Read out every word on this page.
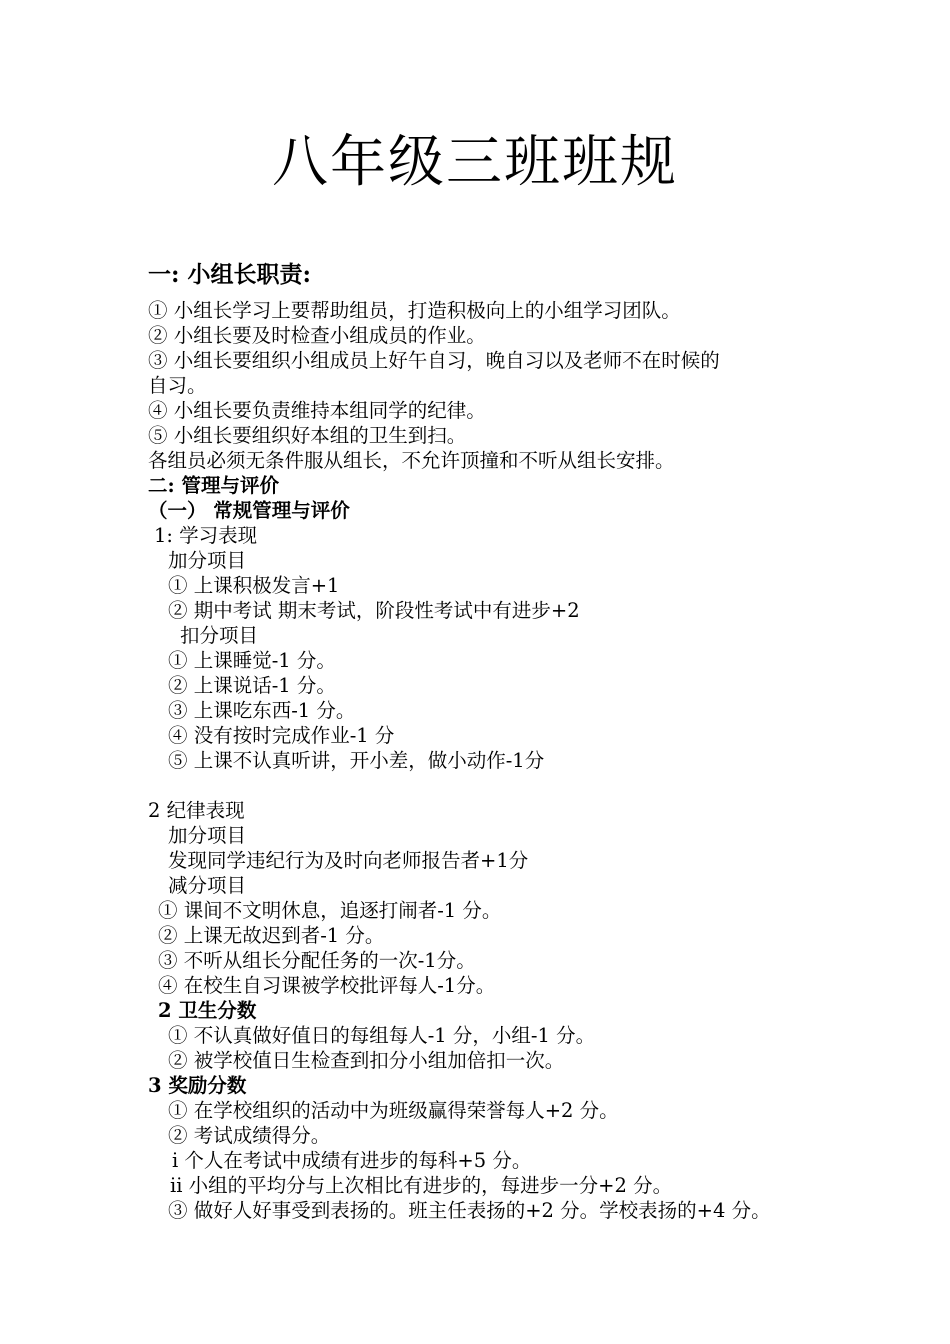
八年级三班班规
一: 小组长职责:
① 小组长学习上要帮助组员，打造积极向上的小组学习团队。
② 小组长要及时检查小组成员的作业。
③ 小组长要组织小组成员上好午自习，晚自习以及老师不在时候的
自习。
④ 小组长要负责维持本组同学的纪律。
⑤ 小组长要组织好本组的卫生到扫。
各组员必须无条件服从组长，不允许顶撞和不听从组长安排。
二: 管理与评价
（一） 常规管理与评价
1: 学习表现
加分项目
① 上课积极发言+1
② 期中考试 期末考试，阶段性考试中有进步+2
扣分项目
① 上课睡觉-1 分。
② 上课说话-1 分。
③ 上课吃东西-1 分。
④ 没有按时完成作业-1 分
⑤ 上课不认真听讲，开小差，做小动作-1分
2 纪律表现
加分项目
发现同学违纪行为及时向老师报告者+1分
减分项目
① 课间不文明休息，追逐打闹者-1 分。
② 上课无故迟到者-1 分。
③ 不听从组长分配任务的一次-1分。
④ 在校生自习课被学校批评每人-1分。
2 卫生分数
① 不认真做好值日的每组每人-1 分，小组-1 分。
② 被学校值日生检查到扣分小组加倍扣一次。
3 奖励分数
① 在学校组织的活动中为班级赢得荣誉每人+2 分。
② 考试成绩得分。
ⅰ 个人在考试中成绩有进步的每科+5 分。
ⅱ 小组的平均分与上次相比有进步的，每进步一分+2 分。
③ 做好人好事受到表扬的。班主任表扬的+2 分。学校表扬的+4 分。
